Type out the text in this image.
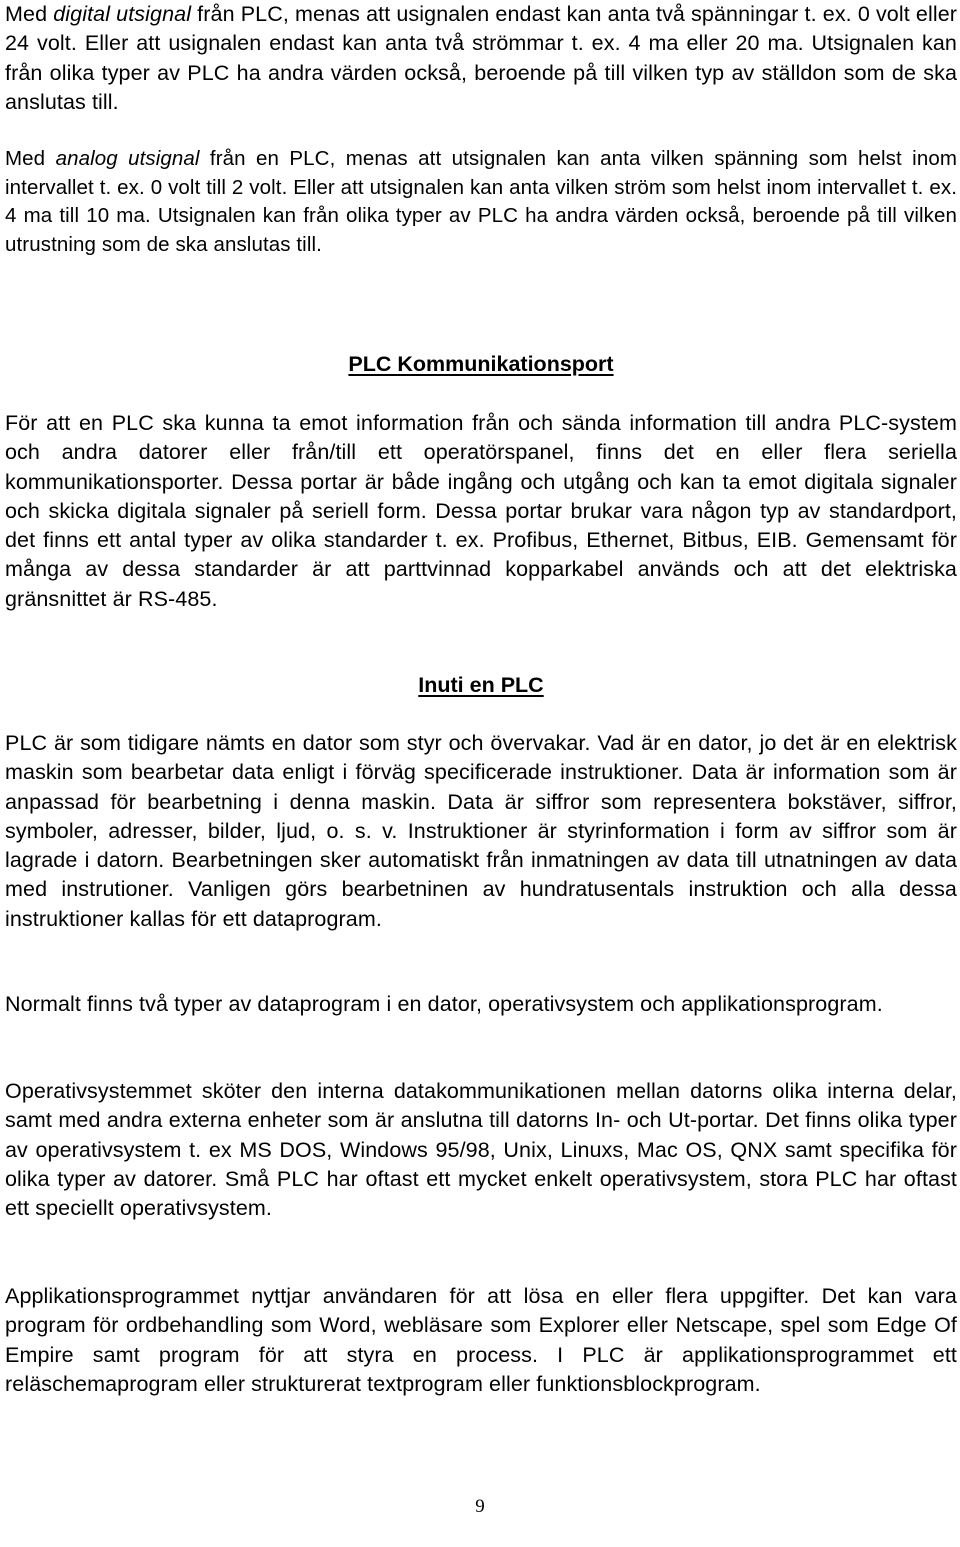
Med digital utsignal från PLC, menas att usignalen endast kan anta två spänningar t. ex. 0 volt eller 24 volt. Eller att usignalen endast kan anta två strömmar t. ex. 4 ma eller 20 ma. Utsignalen kan från olika typer av PLC ha andra värden också, beroende på till vilken typ av ställdon som de ska anslutas till.

Med analog utsignal från en PLC, menas att utsignalen kan anta vilken spänning som helst inom intervallet t. ex. 0 volt till 2 volt. Eller att utsignalen kan anta vilken ström som helst inom intervallet t. ex. 4 ma till 10 ma. Utsignalen kan från olika typer av PLC ha andra värden också, beroende på till vilken utrustning som de ska anslutas till.

PLC Kommunikationsport

För att en PLC ska kunna ta emot information från och sända information till andra PLC-system och andra datorer eller från/till ett operatörspanel, finns det en eller flera seriella kommunikationsporter. Dessa portar är både ingång och utgång och kan ta emot digitala signaler och skicka digitala signaler på seriell form. Dessa portar brukar vara någon typ av standardport, det finns ett antal typer av olika standarder t. ex. Profibus, Ethernet, Bitbus, EIB. Gemensamt för många av dessa standarder är att parttvinnad kopparkabel används och att det elektriska gränsnittet är RS-485.

Inuti en PLC

PLC är som tidigare nämts en dator som styr och övervakar. Vad är en dator, jo det är en elektrisk maskin som bearbetar data enligt i förväg specificerade instruktioner. Data är information som är anpassad för bearbetning i denna maskin. Data är siffror som representera bokstäver, siffror, symboler, adresser, bilder, ljud, o. s. v. Instruktioner är styrinformation i form av siffror som är lagrade i datorn. Bearbetningen sker automatiskt från inmatningen av data till utnatningen av data med instrutioner. Vanligen görs bearbetninen av hundratusentals instruktion och alla dessa instruktioner kallas för ett dataprogram.

Normalt finns två typer av dataprogram i en dator, operativsystem och applikationsprogram.

Operativsystemmet sköter den interna datakommunikationen mellan datorns olika interna delar, samt med andra externa enheter som är anslutna till datorns In- och Ut-portar. Det finns olika typer av operativsystem t. ex MS DOS, Windows 95/98, Unix, Linuxs, Mac OS, QNX samt specifika för olika typer av datorer. Små PLC har oftast ett mycket enkelt operativsystem, stora PLC har oftast ett speciellt operativsystem.

Applikationsprogrammet nyttjar användaren för att lösa en eller flera uppgifter. Det kan vara program för ordbehandling som Word, webläsare som Explorer eller Netscape, spel som Edge Of Empire samt program för att styra en process. I PLC är applikationsprogrammet ett reläschemaprogram eller strukturerat textprogram eller funktionsblockprogram.

9
